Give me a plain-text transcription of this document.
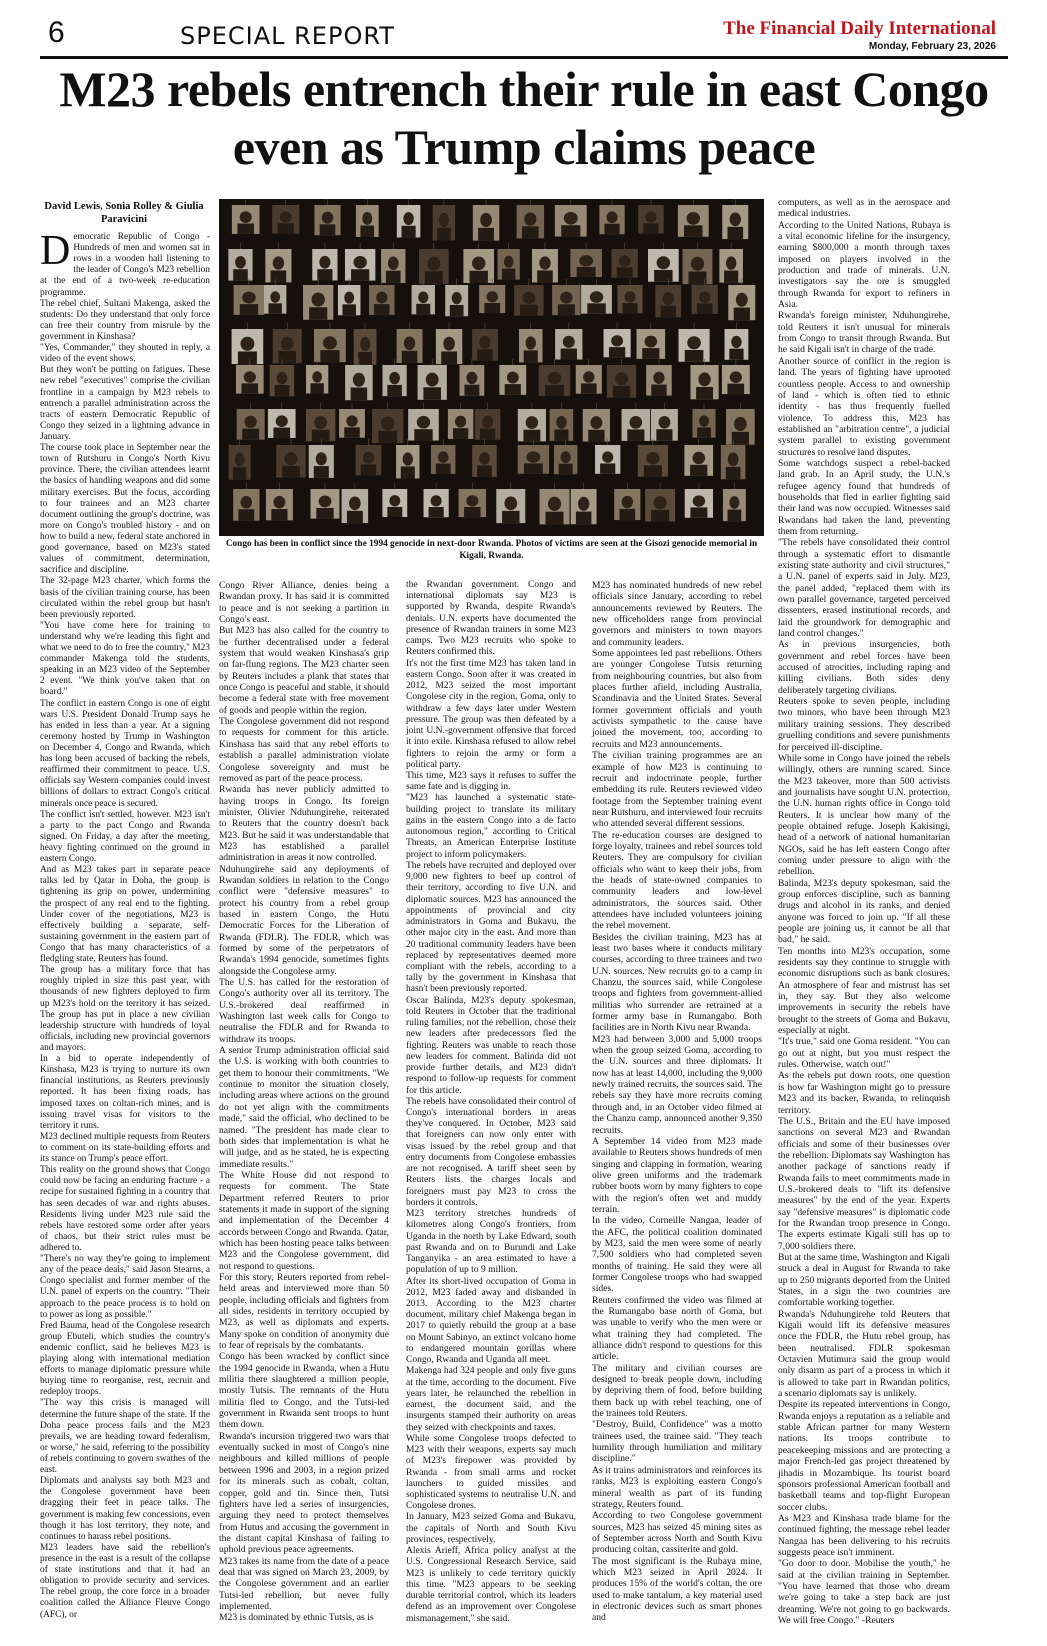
6	SPECIAL REPORT	The Financial Daily International
Monday, February 23, 2026
M23 rebels entrench their rule in east Congo even as Trump claims peace
David Lewis, Sonia Rolley & Giulia Paravicini

Democratic Republic of Congo - Hundreds of men and women sat in rows in a wooden hall listening to the leader of Congo's M23 rebellion at the end of a two-week re-education programme.

The rebel chief, Sultani Makenga, asked the students: Do they understand that only force can free their country from misrule by the government in Kinshasa?

"Yes, Commander," they shouted in reply, a video of the event shows.

But they won't be putting on fatigues. These new rebel "executives" comprise the civilian frontline in a campaign by M23 rebels to entrench a parallel administration across the tracts of eastern Democratic Republic of Congo they seized in a lightning advance in January.

The course took place in September near the town of Rutshuru in Congo's North Kivu province. There, the civilian attendees learnt the basics of handling weapons and did some military exercises. But the focus, according to four trainees and an M23 charter document outlining the group's doctrine, was more on Congo's troubled history - and on how to build a new, federal state anchored in good governance, based on M23's stated values of commitment, determination, sacrifice and discipline.

The 32-page M23 charter, which forms the basis of the civilian training course, has been circulated within the rebel group but hasn't been previously reported.

"You have come here for training to understand why we're leading this fight and what we need to do to free the country," M23 commander Makenga told the students, speaking in an M23 video of the September 2 event. "We think you've taken that on board."

The conflict in eastern Congo is one of eight wars U.S. President Donald Trump says he has ended in less than a year. At a signing ceremony hosted by Trump in Washington on December 4, Congo and Rwanda, which has long been accused of backing the rebels, reaffirmed their commitment to peace. U.S. officials say Western companies could invest billions of dollars to extract Congo's critical minerals once peace is secured.

The conflict isn't settled, however. M23 isn't a party to the pact Congo and Rwanda signed. On Friday, a day after the meeting, heavy fighting continued on the ground in eastern Congo.

And as M23 takes part in separate peace talks led by Qatar in Doha, the group is tightening its grip on power, undermining the prospect of any real end to the fighting. Under cover of the negotiations, M23 is effectively building a separate, self-sustaining government in the eastern part of Congo that has many characteristics of a fledgling state, Reuters has found.

The group has a military force that has roughly tripled in size this past year, with thousands of new fighters deployed to firm up M23's hold on the territory it has seized. The group has put in place a new civilian leadership structure with hundreds of loyal officials, including new provincial governors and mayors.

In a bid to operate independently of Kinshasa, M23 is trying to nurture its own financial institutions, as Reuters previously reported. It has been fixing roads, has imposed taxes on coltan-rich mines, and is issuing travel visas for visitors to the territory it runs.

M23 declined multiple requests from Reuters to comment on its state-building efforts and its stance on Trump's peace effort.

This reality on the ground shows that Congo could now be facing an enduring fracture - a recipe for sustained fighting in a country that has seen decades of war and rights abuses. Residents living under M23 rule said the rebels have restored some order after years of chaos, but their strict rules must be adhered to.

"There's no way they're going to implement any of the peace deals," said Jason Stearns, a Congo specialist and former member of the U.N. panel of experts on the country. "Their approach to the peace process is to hold on to power as long as possible."

Fred Bauma, head of the Congolese research group Ebuteli, which studies the country's endemic conflict, said he believes M23 is playing along with international mediation efforts to manage diplomatic pressure while buying time to reorganise, rest, recruit and redeploy troops.

"The way this crisis is managed will determine the future shape of the state. If the Doha peace process fails and the M23 prevails, we are heading toward federalism, or worse," he said, referring to the possibility of rebels continuing to govern swathes of the east.

Diplomats and analysts say both M23 and the Congolese government have been dragging their feet in peace talks. The government is making few concessions, even though it has lost territory, they note, and continues to harass rebel positions.

M23 leaders have said the rebellion's presence in the east is a result of the collapse of state institutions and that it had an obligation to provide security and services. The rebel group, the core force in a broader coalition called the Alliance Fleuve Congo (AFC), or

Congo has been in conflict since the 1994 genocide in next-door Rwanda. Photos of victims are seen at the Gisozi genocide memorial in Kigali, Rwanda.

Congo River Alliance, denies being a Rwandan proxy. It has said it is committed to peace and is not seeking a partition in Congo's east.

But M23 has also called for the country to be further decentralised under a federal system that would weaken Kinshasa's grip on far-flung regions. The M23 charter seen by Reuters includes a plank that states that once Congo is peaceful and stable, it should become a federal state with free movement of goods and people within the region.

The Congolese government did not respond to requests for comment for this article. Kinshasa has said that any rebel efforts to establish a parallel administration violate Congolese sovereignty and must be removed as part of the peace process.

Rwanda has never publicly admitted to having troops in Congo. Its foreign minister, Olivier Nduhungirehe, reiterated to Reuters that the country doesn't back M23. But he said it was understandable that M23 has established a parallel administration in areas it now controlled.

Nduhungirehe said any deployments of Rwandan soldiers in relation to the Congo conflict were "defensive measures" to protect his country from a rebel group based in eastern Congo, the Hutu Democratic Forces for the Liberation of Rwanda (FDLR). The FDLR, which was formed by some of the perpetrators of Rwanda's 1994 genocide, sometimes fights alongside the Congolese army.

The U.S. has called for the restoration of Congo's authority over all its territory. The U.S.-brokered deal reaffirmed in Washington last week calls for Congo to neutralise the FDLR and for Rwanda to withdraw its troops.

A senior Trump administration official said the U.S. is working with both countries to get them to honour their commitments. "We continue to monitor the situation closely, including areas where actions on the ground do not yet align with the commitments made," said the official, who declined to be named. "The president has made clear to both sides that implementation is what he will judge, and as he stated, he is expecting immediate results."

The White House did not respond to requests for comment. The State Department referred Reuters to prior statements it made in support of the signing and implementation of the December 4 accords between Congo and Rwanda. Qatar, which has been hosting peace talks between M23 and the Congolese government, did not respond to questions.

For this story, Reuters reported from rebel-held areas and interviewed more than 50 people, including officials and fighters from all sides, residents in territory occupied by M23, as well as diplomats and experts. Many spoke on condition of anonymity due to fear of reprisals by the combatants.

Congo has been wracked by conflict since the 1994 genocide in Rwanda, when a Hutu militia there slaughtered a million people, mostly Tutsis. The remnants of the Hutu militia fled to Congo, and the Tutsi-led government in Rwanda sent troops to hunt them down.

Rwanda's incursion triggered two wars that eventually sucked in most of Congo's nine neighbours and killed millions of people between 1996 and 2003, in a region prized for its minerals such as cobalt, coltan, copper, gold and tin. Since then, Tutsi fighters have led a series of insurgencies, arguing they need to protect themselves from Hutus and accusing the government in the distant capital Kinshasa of failing to uphold previous peace agreements.

M23 takes its name from the date of a peace deal that was signed on March 23, 2009, by the Congolese government and an earlier Tutsi-led rebellion, but never fully implemented.

M23 is dominated by ethnic Tutsis, as is

the Rwandan government. Congo and international diplomats say M23 is supported by Rwanda, despite Rwanda's denials. U.N. experts have documented the presence of Rwandan trainers in some M23 camps. Two M23 recruits who spoke to Reuters confirmed this.

It's not the first time M23 has taken land in eastern Congo. Soon after it was created in 2012, M23 seized the most important Congolese city in the region, Goma, only to withdraw a few days later under Western pressure. The group was then defeated by a joint U.N.-government offensive that forced it into exile. Kinshasa refused to allow rebel fighters to rejoin the army or form a political party.

This time, M23 says it refuses to suffer the same fate and is digging in.

"M23 has launched a systematic state-building project to translate its military gains in the eastern Congo into a de facto autonomous region," according to Critical Threats, an American Enterprise Institute project to inform policymakers.

The rebels have recruited and deployed over 9,000 new fighters to beef up control of their territory, according to five U.N. and diplomatic sources. M23 has announced the appointments of provincial and city administrators in Goma and Bukavu, the other major city in the east. And more than 20 traditional community leaders have been replaced by representatives deemed more compliant with the rebels, according to a tally by the government in Kinshasa that hasn't been previously reported.

Oscar Balinda, M23's deputy spokesman, told Reuters in October that the traditional ruling families, not the rebellion, chose their new leaders after predecessors fled the fighting. Reuters was unable to reach those new leaders for comment. Balinda did not provide further details, and M23 didn't respond to follow-up requests for comment for this article.

The rebels have consolidated their control of Congo's international borders in areas they've conquered. In October, M23 said that foreigners can now only enter with visas issued by the rebel group and that entry documents from Congolese embassies are not recognised. A tariff sheet seen by Reuters lists the charges locals and foreigners must pay M23 to cross the borders it controls.

M23 territory stretches hundreds of kilometres along Congo's frontiers, from Uganda in the north by Lake Edward, south past Rwanda and on to Burundi and Lake Tanganyika - an area estimated to have a population of up to 9 million.

After its short-lived occupation of Goma in 2012, M23 faded away and disbanded in 2013. According to the M23 charter document, military chief Makenga began in 2017 to quietly rebuild the group at a base on Mount Sabinyo, an extinct volcano home to endangered mountain gorillas where Congo, Rwanda and Uganda all meet.

Makenga had 324 people and only five guns at the time, according to the document. Five years later, he relaunched the rebellion in earnest, the document said, and the insurgents stamped their authority on areas they seized with checkpoints and taxes.

While some Congolese troops defected to M23 with their weapons, experts say much of M23's firepower was provided by Rwanda - from small arms and rocket launchers to guided missiles and sophisticated systems to neutralise U.N. and Congolese drones.

In January, M23 seized Goma and Bukavu, the capitals of North and South Kivu provinces, respectively.

Alexis Arieff, Africa policy analyst at the U.S. Congressional Research Service, said M23 is unlikely to cede territory quickly this time. "M23 appears to be seeking durable territorial control, which its leaders defend as an improvement over Congolese mismanagement," she said.

M23 has nominated hundreds of new rebel officials since January, according to rebel announcements reviewed by Reuters. The new officeholders range from provincial governors and ministers to town mayors and community leaders.

Some appointees led past rebellions. Others are younger Congolese Tutsis returning from neighbouring countries, but also from places further afield, including Australia, Scandinavia and the United States. Several former government officials and youth activists sympathetic to the cause have joined the movement, too, according to recruits and M23 announcements.

The civilian training programmes are an example of how M23 is continuing to recruit and indoctrinate people, further embedding its rule. Reuters reviewed video footage from the September training event near Rutshuru, and interviewed four recruits who attended several different sessions.

The re-education courses are designed to forge loyalty, trainees and rebel sources told Reuters. They are compulsory for civilian officials who want to keep their jobs, from the heads of state-owned companies to community leaders and low-level administrators, the sources said. Other attendees have included volunteers joining the rebel movement.

Besides the civilian training, M23 has at least two bases where it conducts military courses, according to three trainees and two U.N. sources. New recruits go to a camp in Chanzu, the sources said, while Congolese troops and fighters from government-allied militias who surrender are retrained at a former army base in Rumangabo. Both facilities are in North Kivu near Rwanda.

M23 had between 3,000 and 5,000 troops when the group seized Goma, according to the U.N. sources and three diplomats. It now has at least 14,000, including the 9,000 newly trained recruits, the sources said. The rebels say they have more recruits coming through and, in an October video filmed at the Chanzu camp, announced another 9,350 recruits.

A September 14 video from M23 made available to Reuters shows hundreds of men singing and clapping in formation, wearing olive green uniforms and the trademark rubber boots worn by many fighters to cope with the region's often wet and muddy terrain.

In the video, Corneille Nangaa, leader of the AFC, the political coalition dominated by M23, said the men were some of nearly 7,500 soldiers who had completed seven months of training. He said they were all former Congolese troops who had swapped sides.

Reuters confirmed the video was filmed at the Rumangabo base north of Goma, but was unable to verify who the men were or what training they had completed. The alliance didn't respond to questions for this article.

The military and civilian courses are designed to break people down, including by depriving them of food, before building them back up with rebel teaching, one of the trainees told Reuters.

"Destroy, Build, Confidence" was a motto trainees used, the trainee said. "They teach humility through humiliation and military discipline."

As it trains administrators and reinforces its ranks, M23 is exploiting eastern Congo's mineral wealth as part of its funding strategy, Reuters found.

According to two Congolese government sources, M23 has seized 45 mining sites as of September across North and South Kivu producing coltan, cassiterite and gold.

The most significant is the Rubaya mine, which M23 seized in April 2024. It produces 15% of the world's coltan, the ore used to make tantalum, a key material used in electronic devices such as smart phones and

computers, as well as in the aerospace and medical industries.

According to the United Nations, Rubaya is a vital economic lifeline for the insurgency, earning $800,000 a month through taxes imposed on players involved in the production and trade of minerals. U.N. investigators say the ore is smuggled through Rwanda for export to refiners in Asia.

Rwanda's foreign minister, Nduhungirehe, told Reuters it isn't unusual for minerals from Congo to transit through Rwanda. But he said Kigali isn't in charge of the trade.

Another source of conflict in the region is land. The years of fighting have uprooted countless people. Access to and ownership of land - which is often tied to ethnic identity - has thus frequently fuelled violence. To address this, M23 has established an "arbitration centre", a judicial system parallel to existing government structures to resolve land disputes.

Some watchdogs suspect a rebel-backed land grab. In an April study, the U.N.'s refugee agency found that hundreds of households that fled in earlier fighting said their land was now occupied. Witnesses said Rwandans had taken the land, preventing them from returning.

"The rebels have consolidated their control through a systematic effort to dismantle existing state authority and civil structures," a U.N. panel of experts said in July. M23, the panel added, "replaced them with its own parallel governance, targeted perceived dissenters, erased institutional records, and laid the groundwork for demographic and land control changes."

As in previous insurgencies, both government and rebel forces have been accused of atrocities, including raping and killing civilians. Both sides deny deliberately targeting civilians.

Reuters spoke to seven people, including two minors, who have been through M23 military training sessions. They described gruelling conditions and severe punishments for perceived ill-discipline.

While some in Congo have joined the rebels willingly, others are running scared. Since the M23 takeover, more than 500 activists and journalists have sought U.N. protection, the U.N. human rights office in Congo told Reuters. It is unclear how many of the people obtained refuge. Joseph Kakisingi, head of a network of national humanitarian NGOs, said he has left eastern Congo after coming under pressure to align with the rebellion.

Balinda, M23's deputy spokesman, said the group enforces discipline, such as banning drugs and alcohol in its ranks, and denied anyone was forced to join up. "If all these people are joining us, it cannot be all that bad," he said.

Ten months into M23's occupation, some residents say they continue to struggle with economic disruptions such as bank closures. An atmosphere of fear and mistrust has set in, they say. But they also welcome improvements in security the rebels have brought to the streets of Goma and Bukavu, especially at night.

"It's true," said one Goma resident. "You can go out at night, but you must respect the rules. Otherwise, watch out!"

As the rebels put down roots, one question is how far Washington might go to pressure M23 and its backer, Rwanda, to relinquish territory.

The U.S., Britain and the EU have imposed sanctions on several M23 and Rwandan officials and some of their businesses over the rebellion. Diplomats say Washington has another package of sanctions ready if Rwanda fails to meet commitments made in U.S.-brokered deals to "lift its defensive measures" by the end of the year. Experts say "defensive measures" is diplomatic code for the Rwandan troop presence in Congo. The experts estimate Kigali still has up to 7,000 soldiers there.

But at the same time, Washington and Kigali struck a deal in August for Rwanda to take up to 250 migrants deported from the United States, in a sign the two countries are comfortable working together.

Rwanda's Nduhungirehe told Reuters that Kigali would lift its defensive measures once the FDLR, the Hutu rebel group, has been neutralised. FDLR spokesman Octavien Mutimura said the group would only disarm as part of a process in which it is allowed to take part in Rwandan politics, a scenario diplomats say is unlikely.

Despite its repeated interventions in Congo, Rwanda enjoys a reputation as a reliable and stable African partner for many Western nations. Its troops contribute to peacekeeping missions and are protecting a major French-led gas project threatened by jihadis in Mozambique. Its tourist board sponsors professional American football and basketball teams and top-flight European soccer clubs.

As M23 and Kinshasa trade blame for the continued fighting, the message rebel leader Nangaa has been delivering to his recruits suggests peace isn't imminent.

"Go door to door. Mobilise the youth," he said at the civilian training in September. "You have learned that those who dream we're going to take a step back are just dreaming. We're not going to go backwards. We will free Congo." -Reuters
